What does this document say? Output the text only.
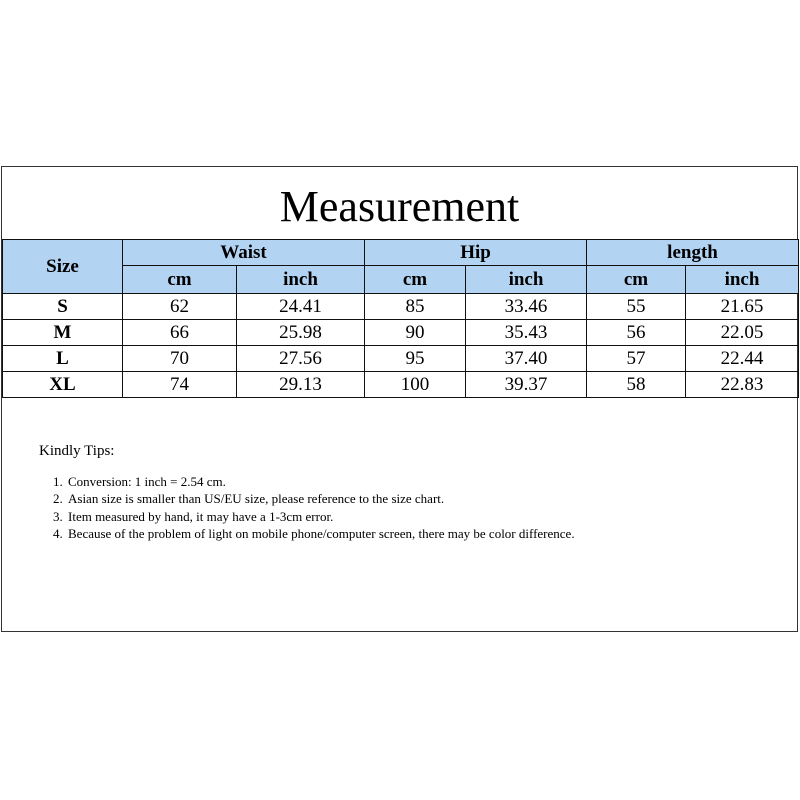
Measurement
Size	Waist		Hip		length	
	cm	inch	cm	inch	cm	inch
S	62	24.41	85	33.46	55	21.65
M	66	25.98	90	35.43	56	22.05
L	70	27.56	95	37.40	57	22.44
XL	74	29.13	100	39.37	58	22.83
Kindly Tips:
1. Conversion: 1 inch = 2.54 cm.
2. Asian size is smaller than US/EU size, please reference to the size chart.
3. Item measured by hand, it may have a 1-3cm error.
4. Because of the problem of light on mobile phone/computer screen, there may be color difference.
